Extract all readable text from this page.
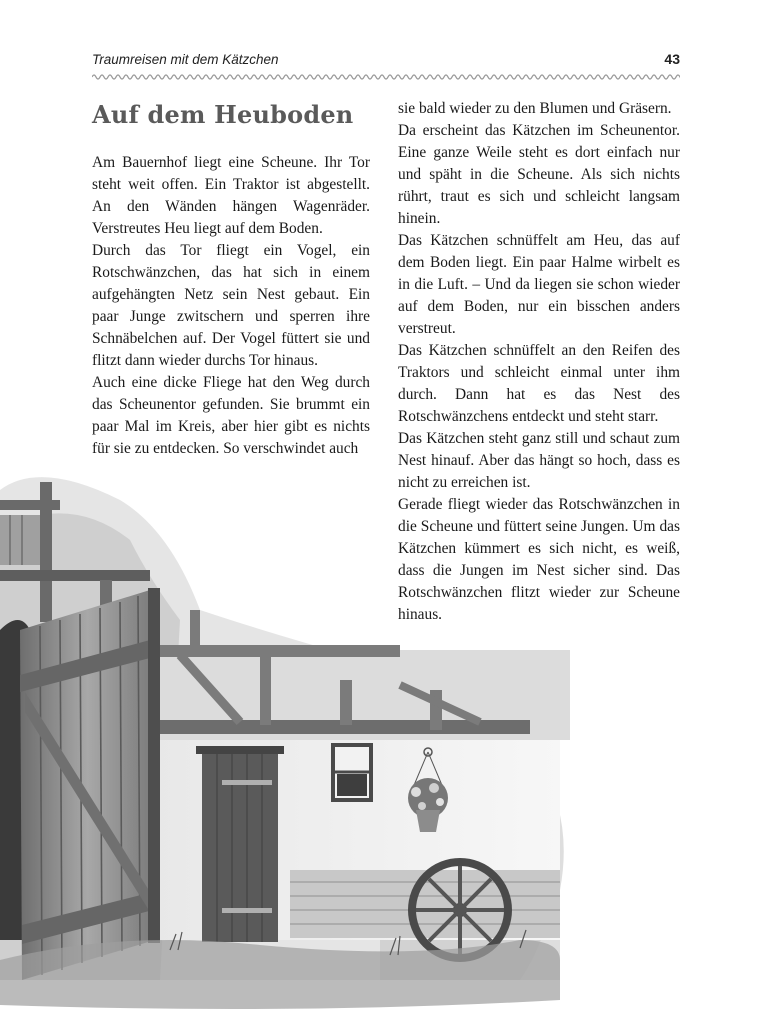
Traumreisen mit dem Kätzchen	43
Auf dem Heuboden

Am Bauernhof liegt eine Scheune. Ihr Tor steht weit offen. Ein Traktor ist abgestellt. An den Wänden hängen Wagenräder. Verstreutes Heu liegt auf dem Boden.

Durch das Tor fliegt ein Vogel, ein Rotschwänzchen, das hat sich in einem aufgehängten Netz sein Nest gebaut. Ein paar Junge zwitschern und sperren ihre Schnäbelchen auf. Der Vogel füttert sie und flitzt dann wieder durchs Tor hinaus.

Auch eine dicke Fliege hat den Weg durch das Scheunentor gefunden. Sie brummt ein paar Mal im Kreis, aber hier gibt es nichts für sie zu entdecken. So verschwindet auch

sie bald wieder zu den Blumen und Gräsern.

Da erscheint das Kätzchen im Scheunentor. Eine ganze Weile steht es dort einfach nur und späht in die Scheune. Als sich nichts rührt, traut es sich und schleicht langsam hinein.

Das Kätzchen schnüffelt am Heu, das auf dem Boden liegt. Ein paar Halme wirbelt es in die Luft. – Und da liegen sie schon wieder auf dem Boden, nur ein bisschen anders verstreut.

Das Kätzchen schnüffelt an den Reifen des Traktors und schleicht einmal unter ihm durch. Dann hat es das Nest des Rotschwänzchens entdeckt und steht starr.

Das Kätzchen steht ganz still und schaut zum Nest hinauf. Aber das hängt so hoch, dass es nicht zu erreichen ist.

Gerade fliegt wieder das Rotschwänzchen in die Scheune und füttert seine Jungen. Um das Kätzchen kümmert es sich nicht, es weiß, dass die Jungen im Nest sicher sind. Das Rotschwänzchen flitzt wieder zur Scheune hinaus.
